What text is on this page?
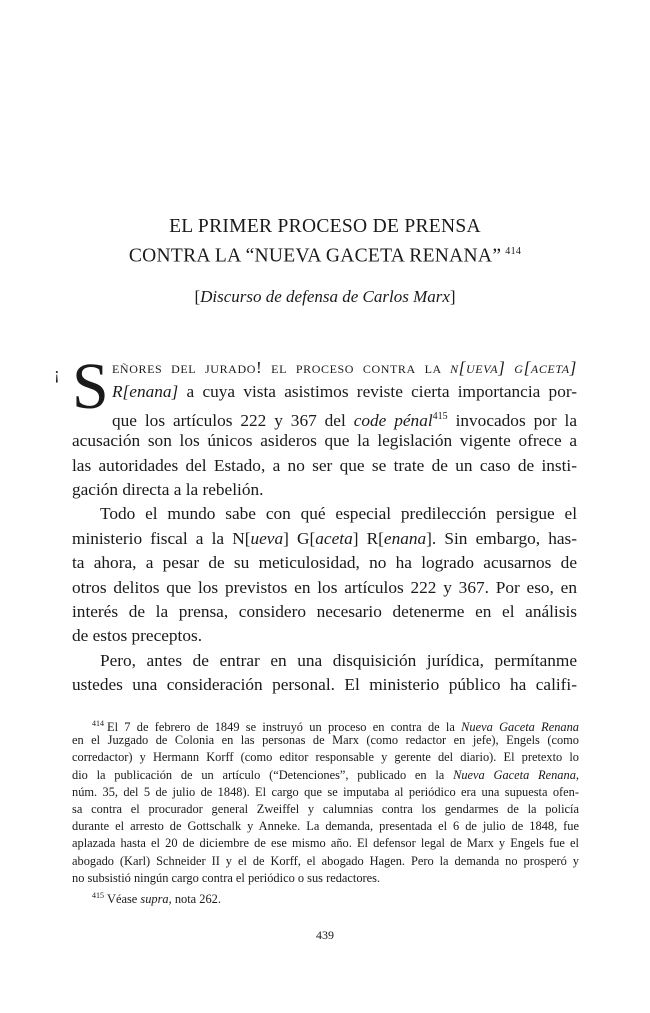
EL PRIMER PROCESO DE PRENSA
CONTRA LA “NUEVA GACETA RENANA” $^{414}$
[Discurso de defensa de Carlos Marx]
¡ S eñores del jurado! el proceso contra la n[ueva] g[aceta]
R[enana] a cuya vista asistimos reviste cierta importancia por-
que los artículos 222 y 367 del code pénal$^{415}$ invocados por la
acusación son los únicos asideros que la legislación vigente ofrece a
las autoridades del Estado, a no ser que se trate de un caso de insti-
gación directa a la rebelión.
Todo el mundo sabe con qué especial predilección persigue el
ministerio fiscal a la N[ueva] G[aceta] R[enana]. Sin embargo, has-
ta ahora, a pesar de su meticulosidad, no ha logrado acusarnos de
otros delitos que los previstos en los artículos 222 y 367. Por eso, en
interés de la prensa, considero necesario detenerme en el análisis
de estos preceptos.
Pero, antes de entrar en una disquisición jurídica, permítanme
ustedes una consideración personal. El ministerio público ha califi-
$^{414}$ El 7 de febrero de 1849 se instruyó un proceso en contra de la Nueva Gaceta Renana
en el Juzgado de Colonia en las personas de Marx (como redactor en jefe), Engels (como
corredactor) y Hermann Korff (como editor responsable y gerente del diario). El pretexto lo
dio la publicación de un artículo (“Detenciones”, publicado en la Nueva Gaceta Renana,
núm. 35, del 5 de julio de 1848). El cargo que se imputaba al periódico era una supuesta ofen-
sa contra el procurador general Zweiffel y calumnias contra los gendarmes de la policía
durante el arresto de Gottschalk y Anneke. La demanda, presentada el 6 de julio de 1848, fue
aplazada hasta el 20 de diciembre de ese mismo año. El defensor legal de Marx y Engels fue el
abogado (Karl) Schneider II y el de Korff, el abogado Hagen. Pero la demanda no prosperó y
no subsistió ningún cargo contra el periódico o sus redactores.
$^{415}$ Véase supra, nota 262.
439
